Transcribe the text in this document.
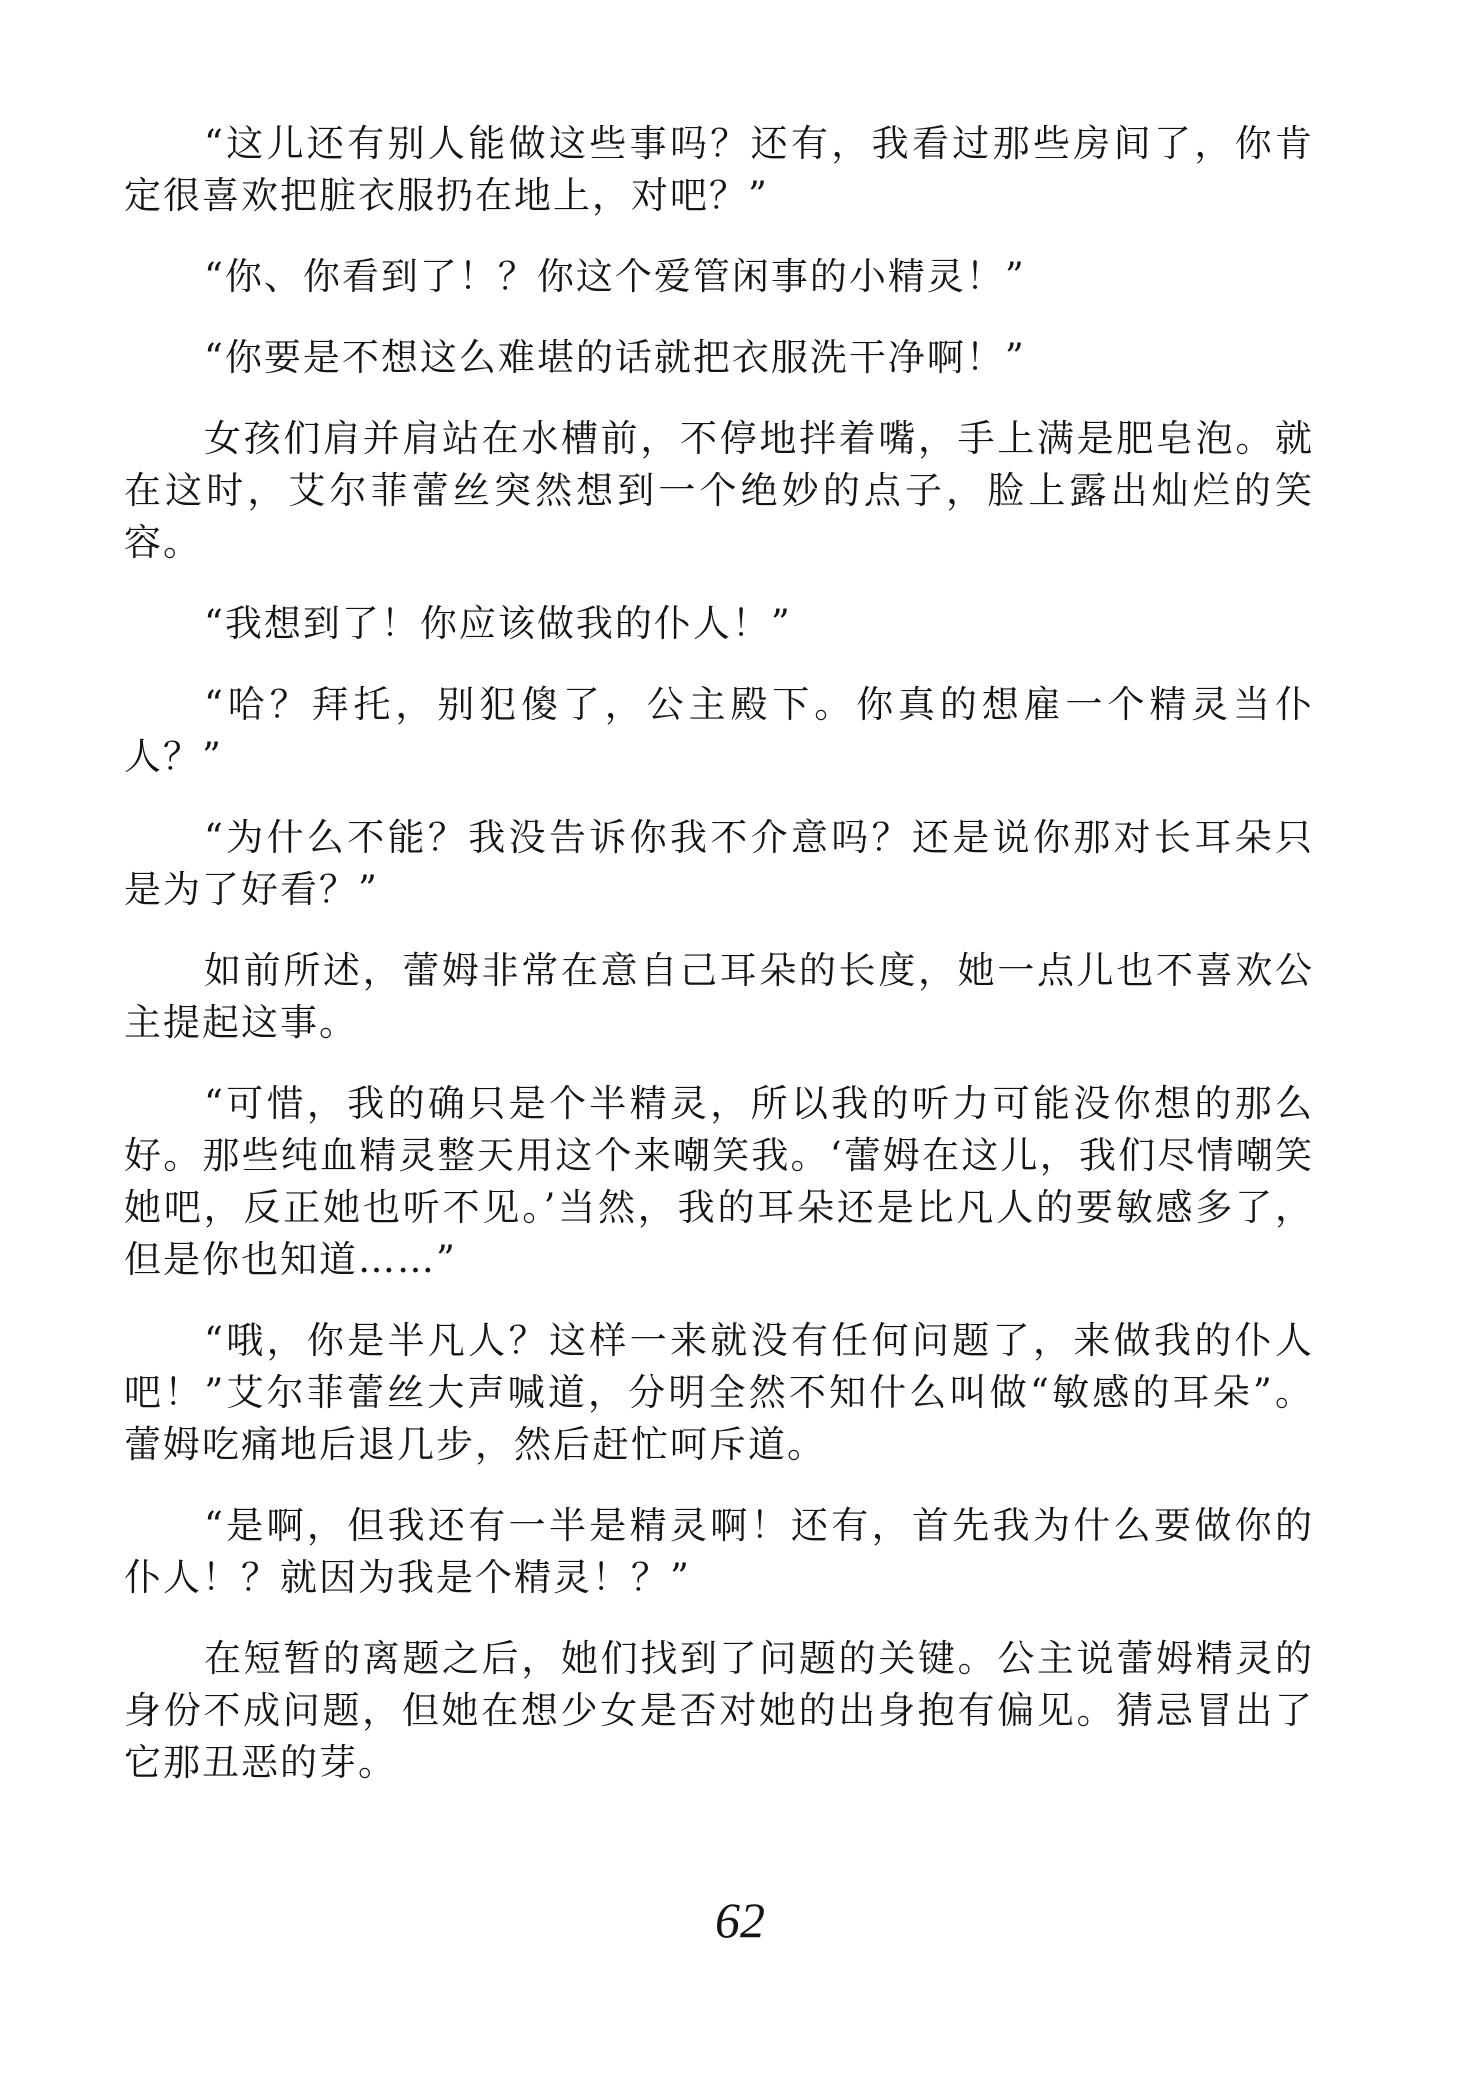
“这儿还有别人能做这些事吗？还有，我看过那些房间了，你肯定很喜欢把脏衣服扔在地上，对吧？”

“你、你看到了！？你这个爱管闲事的小精灵！”

“你要是不想这么难堪的话就把衣服洗干净啊！”

女孩们肩并肩站在水槽前，不停地拌着嘴，手上满是肥皂泡。就在这时，艾尔菲蕾丝突然想到一个绝妙的点子，脸上露出灿烂的笑容。

“我想到了！你应该做我的仆人！”

“哈？拜托，别犯傻了，公主殿下。你真的想雇一个精灵当仆人？”

“为什么不能？我没告诉你我不介意吗？还是说你那对长耳朵只是为了好看？”

如前所述，蕾姆非常在意自己耳朵的长度，她一点儿也不喜欢公主提起这事。

“可惜，我的确只是个半精灵，所以我的听力可能没你想的那么好。那些纯血精灵整天用这个来嘲笑我。‘蕾姆在这儿，我们尽情嘲笑她吧，反正她也听不见。’当然，我的耳朵还是比凡人的要敏感多了，但是你也知道……”

“哦，你是半凡人？这样一来就没有任何问题了，来做我的仆人吧！”艾尔菲蕾丝大声喊道，分明全然不知什么叫做“敏感的耳朵”。蕾姆吃痛地后退几步，然后赶忙呵斥道。

“是啊，但我还有一半是精灵啊！还有，首先我为什么要做你的仆人！？就因为我是个精灵！？”

在短暂的离题之后，她们找到了问题的关键。公主说蕾姆精灵的身份不成问题，但她在想少女是否对她的出身抱有偏见。猜忌冒出了它那丑恶的芽。

62
